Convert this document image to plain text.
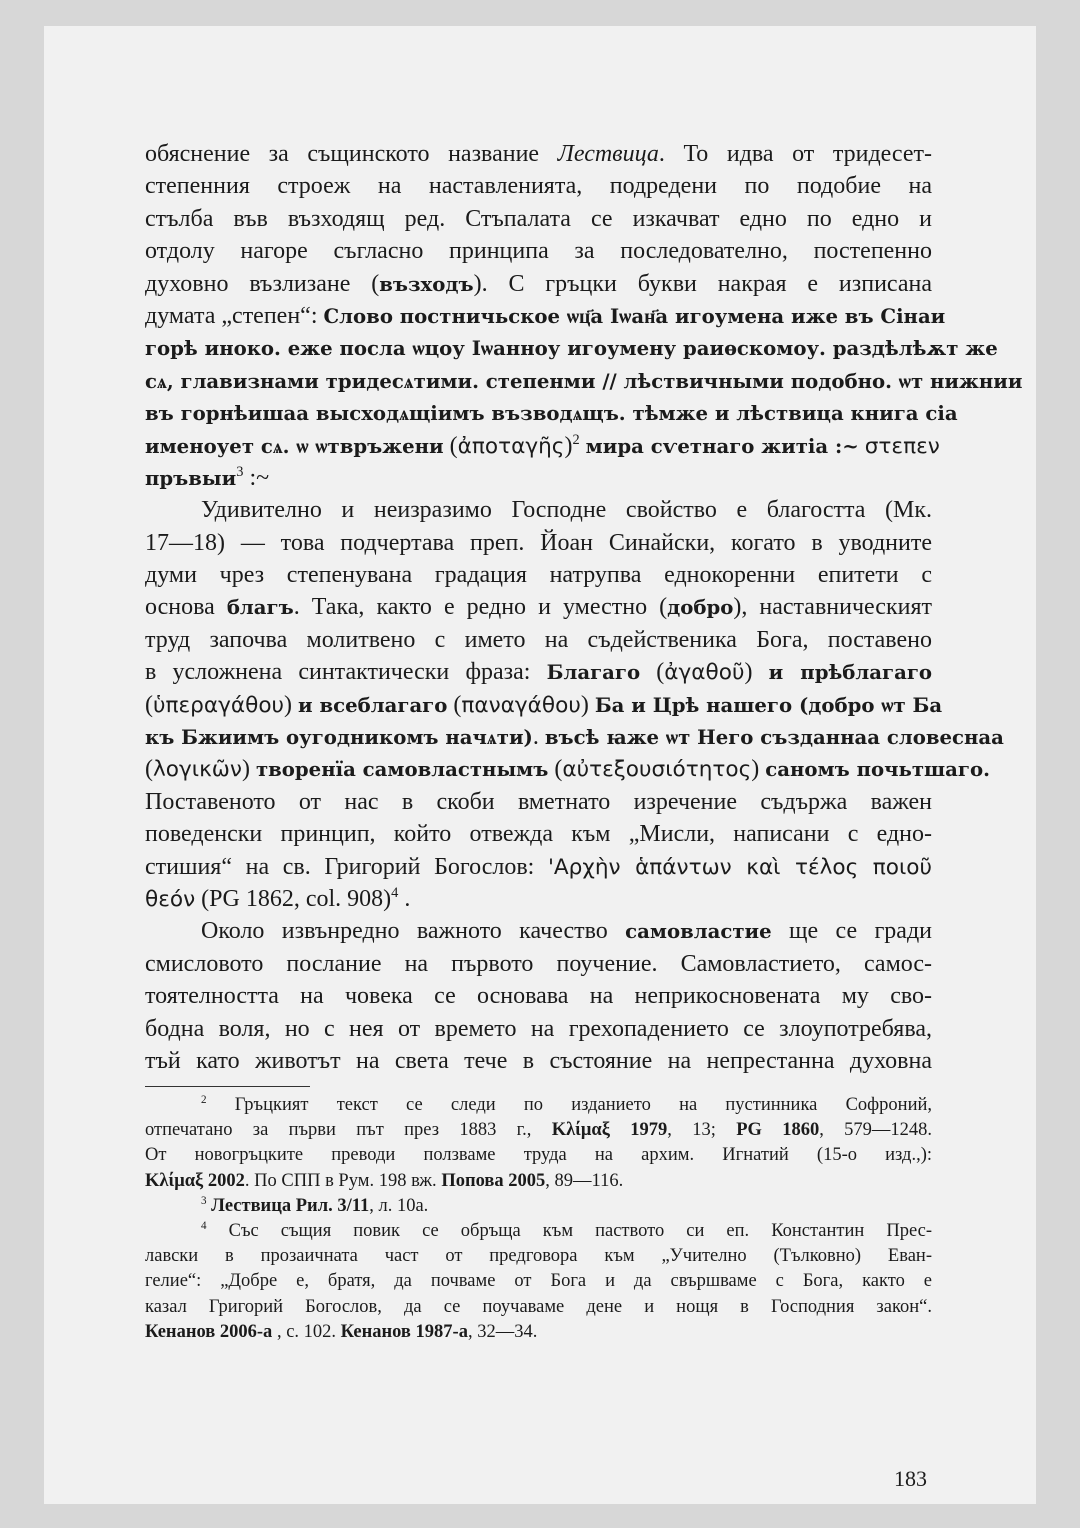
обяснение за същинското название Лествица. То идва от тридесет-
степенния строеж на наставленията, подредени по подобие на
стълба във възходящ ред. Стъпалата се изкачват едно по едно и
отдолу нагоре съгласно принципа за последователно, постепенно
духовно възлизане (възходъ). С гръцки букви накрая е изписана
думата „степен“: Слово постничьское ѡц҃а Іѡан҃а игоумена иже въ Сінаи
горѣ иноко. еже посла ѡцоу Іѡанноу игоумену раиѳскомоу. раздѣлѣѫт же
сѧ, главизнами тридесѧтими. степенми // лѣствичными подобно. ѡт нижнии
въ горнѣишаа высходѧщіимъ възводѧщъ. тѣмже и лѣствица книга сіа
именоует сѧ. ѡ ѡтвръжени (ἀποταγῆς)$^2$ мира сѵетнаго житіа :~ στεπεν
пръвыи$^3$ :~
Удивително и неизразимо Господне свойство е благостта (Мк.
17—18) — това подчертава преп. Йоан Синайски, когато в уводните
думи чрез степенувана градация натрупва еднокоренни епитети с
основа благъ. Така, както е редно и уместно (добро), наставническият
труд започва молитвено с името на съдейственика Бога, поставено
в усложнена синтактически фраза: Благаго (ἀγαθοῦ) и прѣблагаго
(ὑπεραγάθου) и всеблагаго (παναγάθου) Ба и Црѣ нашего (добро ѡт Ба
къ Бжиимъ оугодникомъ начѧти). въсѣ ꙗже ѡт Него създаннаа словеснаа
(λογικῶν) творенїа самовластнымъ (αὐτεξουσιότητος) саномъ почьтшаго.
Поставеното от нас в скоби вметнато изречение съдържа важен
поведенски принцип, който отвежда към „Мисли, написани с едно-
стишия“ на св. Григорий Богослов: 'Αρχὴν ἁπάντων καὶ τέλος ποιοῦ
θεόν (PG 1862, col. 908)$^4$ .
Около извънредно важното качество самовластие ще се гради
смисловото послание на първото поучение. Самовластието, самос-
тоятелността на човека се основава на неприкосновената му сво-
бодна воля, но с нея от времето на грехопадението се злоупотребява,
тъй като животът на света тече в състояние на непрестанна духовна
$^2$ Гръцкият текст се следи по изданието на пустинника Софроний,
отпечатано за първи път през 1883 г., Κλίμαξ 1979, 13; PG 1860, 579—1248.
От новогръцките преводи ползваме труда на архим. Игнатий (15-о изд.,):
Κλίμαξ 2002. По СПП в Рум. 198 вж. Попова 2005, 89—116.
$^3$ Лествица Рил. 3/11, л. 10а.
$^4$ Със същия повик се обръща към паството си еп. Константин Прес-
лавски в прозаичната част от предговора към „Учително (Тълковно) Еван-
гелие“: „Добре е, братя, да почваме от Бога и да свършваме с Бога, както е
казал Григорий Богослов, да се поучаваме дене и нощя в Господния закон“.
Кенанов 2006-а , с. 102. Кенанов 1987-а, 32—34.
183
